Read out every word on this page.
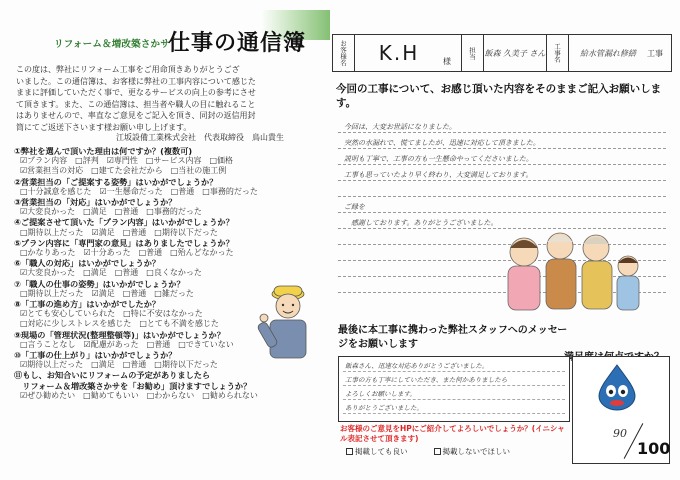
リフォーム＆増改築さかサ
仕事の通信簿

この度は、弊社にリフォーム工事をご用命頂きありがとうござ

いました。この通信簿は、お客様に弊社の工事内容について感じた

ままに評価していただく事で、更なるサービスの向上の参考にさせ

て頂きます。また、この通信簿は、担当者や職人の目に触れること

はありませんので、率直なご意見をご記入を頂き、同封の返信用封

筒にてご返送下さいます様お願い申し上げます。

江坂設備工業株式会社　代表取締役　鳥山貴生
①弊社を選んで頂いた理由は何ですか？(複数可)
☑プラン内容　□評判　☑専門性　□サービス内容　□価格
☑営業担当の対応　□建てた会社だから　□当社の施工例
②営業担当の「ご提案する姿勢」はいかがでしょうか？
□十分誠意を感じた　☑一生懸命だった　□普通　□事務的だった
③営業担当の「対応」はいかがでしょうか？
☑大変良かった　□満足　□普通　□事務的だった
④ご提案させて頂いた「プラン内容」はいかがでしょうか？
□期待以上だった　☑満足　□普通　□期待以下だった
⑤プラン内容に「専門家の意見」はありましたでしょうか？
□かなりあった　☑十分あった　□普通　□殆んどなかった
⑥「職人の対応」はいかがでしょうか？
☑大変良かった　□満足　□普通　□良くなかった
⑦「職人の仕事の姿勢」はいかがでしょうか？
□期待以上だった　☑満足　□普通　□雑だった
⑧「工事の進め方」はいかがでしたか？
☑とても安心していられた　□特に不安はなかった
□対応に少しストレスを感じた　□とても不満を感じた
⑨現場の「管理状況(整理整頓等)」はいかがでしょうか？
□言うことなし　☑配慮があった　□普通　□できていない
⑩「工事の仕上がり」はいかがでしょうか？
☑期待以上だった　□満足　□普通　□期待以下だった
⑪もし、お知合いにリフォームの予定がありましたら
　リフォーム＆増改築さかサを「お勧め」頂けますでしょうか？
☑ぜひ勧めたい　□勧めてもいい　□わからない　□勧められない
お客様名	K.H	様
担当	飯森 久美子 さん	工事名	給水管漏れ修繕	工事
今回の工事について、お感じ頂いた内容をそのままご記入お願いします。
今回は、大変お世話になりました。
突然の水漏れで、慌てましたが、迅速に対応して頂きました。
説明も丁寧で、工事の方も一生懸命やってくださいました。
工事も思っていたより早く終わり、大変満足しております。
ご縁を
　感謝しております。ありがとうございました。
最後に本工事に携わった弊社スタッフへのメッセージをお願いします
飯森さん、迅速な対応ありがとうございました。
工事の方も丁寧にしていただき、また何かありましたら
よろしくお願いします。
ありがとうございました。
90
100
お客様のご意見をHPにご紹介してよろしいでしょうか？(イニシャル表記させて頂きます)
掲載しても良い	掲載しないでほしい
